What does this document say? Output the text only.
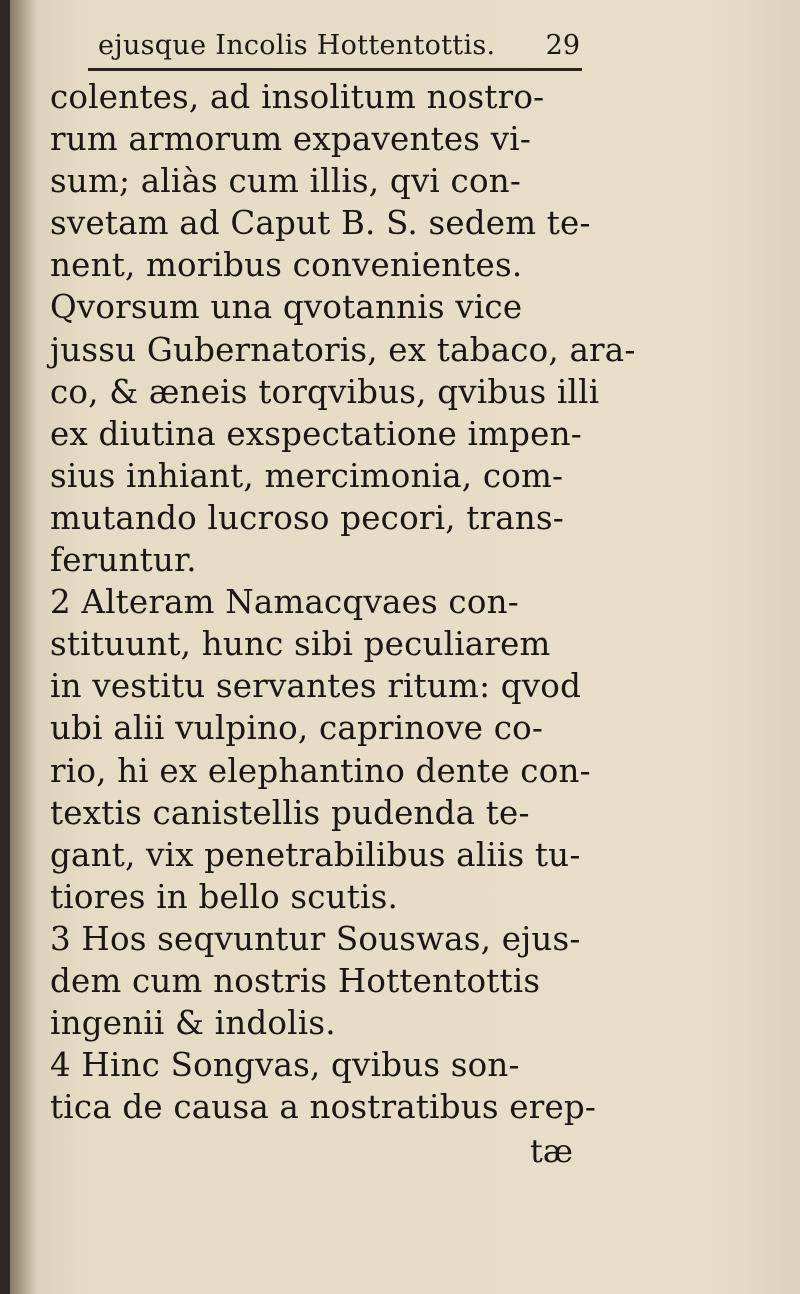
ejusque Incolis Hottentottis. 29
colentes, ad insolitum nostro-
rum armorum expaventes vi-
sum; aliàs cum illis, qvi con-
svetam ad Caput B. S. sedem te-
nent, moribus convenientes.
Qvorsum una qvotannis vice
jussu Gubernatoris, ex tabaco, ara-
co, & æneis torqvibus, qvibus illi
ex diutina exspectatione impen-
sius inhiant, mercimonia, com-
mutando lucroso pecori, trans-
feruntur.
2 Alteram Namacqvaes con-
stituunt, hunc sibi peculiarem
in vestitu servantes ritum: qvod
ubi alii vulpino, caprinove co-
rio, hi ex elephantino dente con-
textis canistellis pudenda te-
gant, vix penetrabilibus aliis tu-
tiores in bello scutis.
3 Hos seqvuntur Souswas, ejus-
dem cum nostris Hottentottis
ingenii & indolis.
4 Hinc Songvas, qvibus son-
tica de causa a nostratibus erep-
tæ
